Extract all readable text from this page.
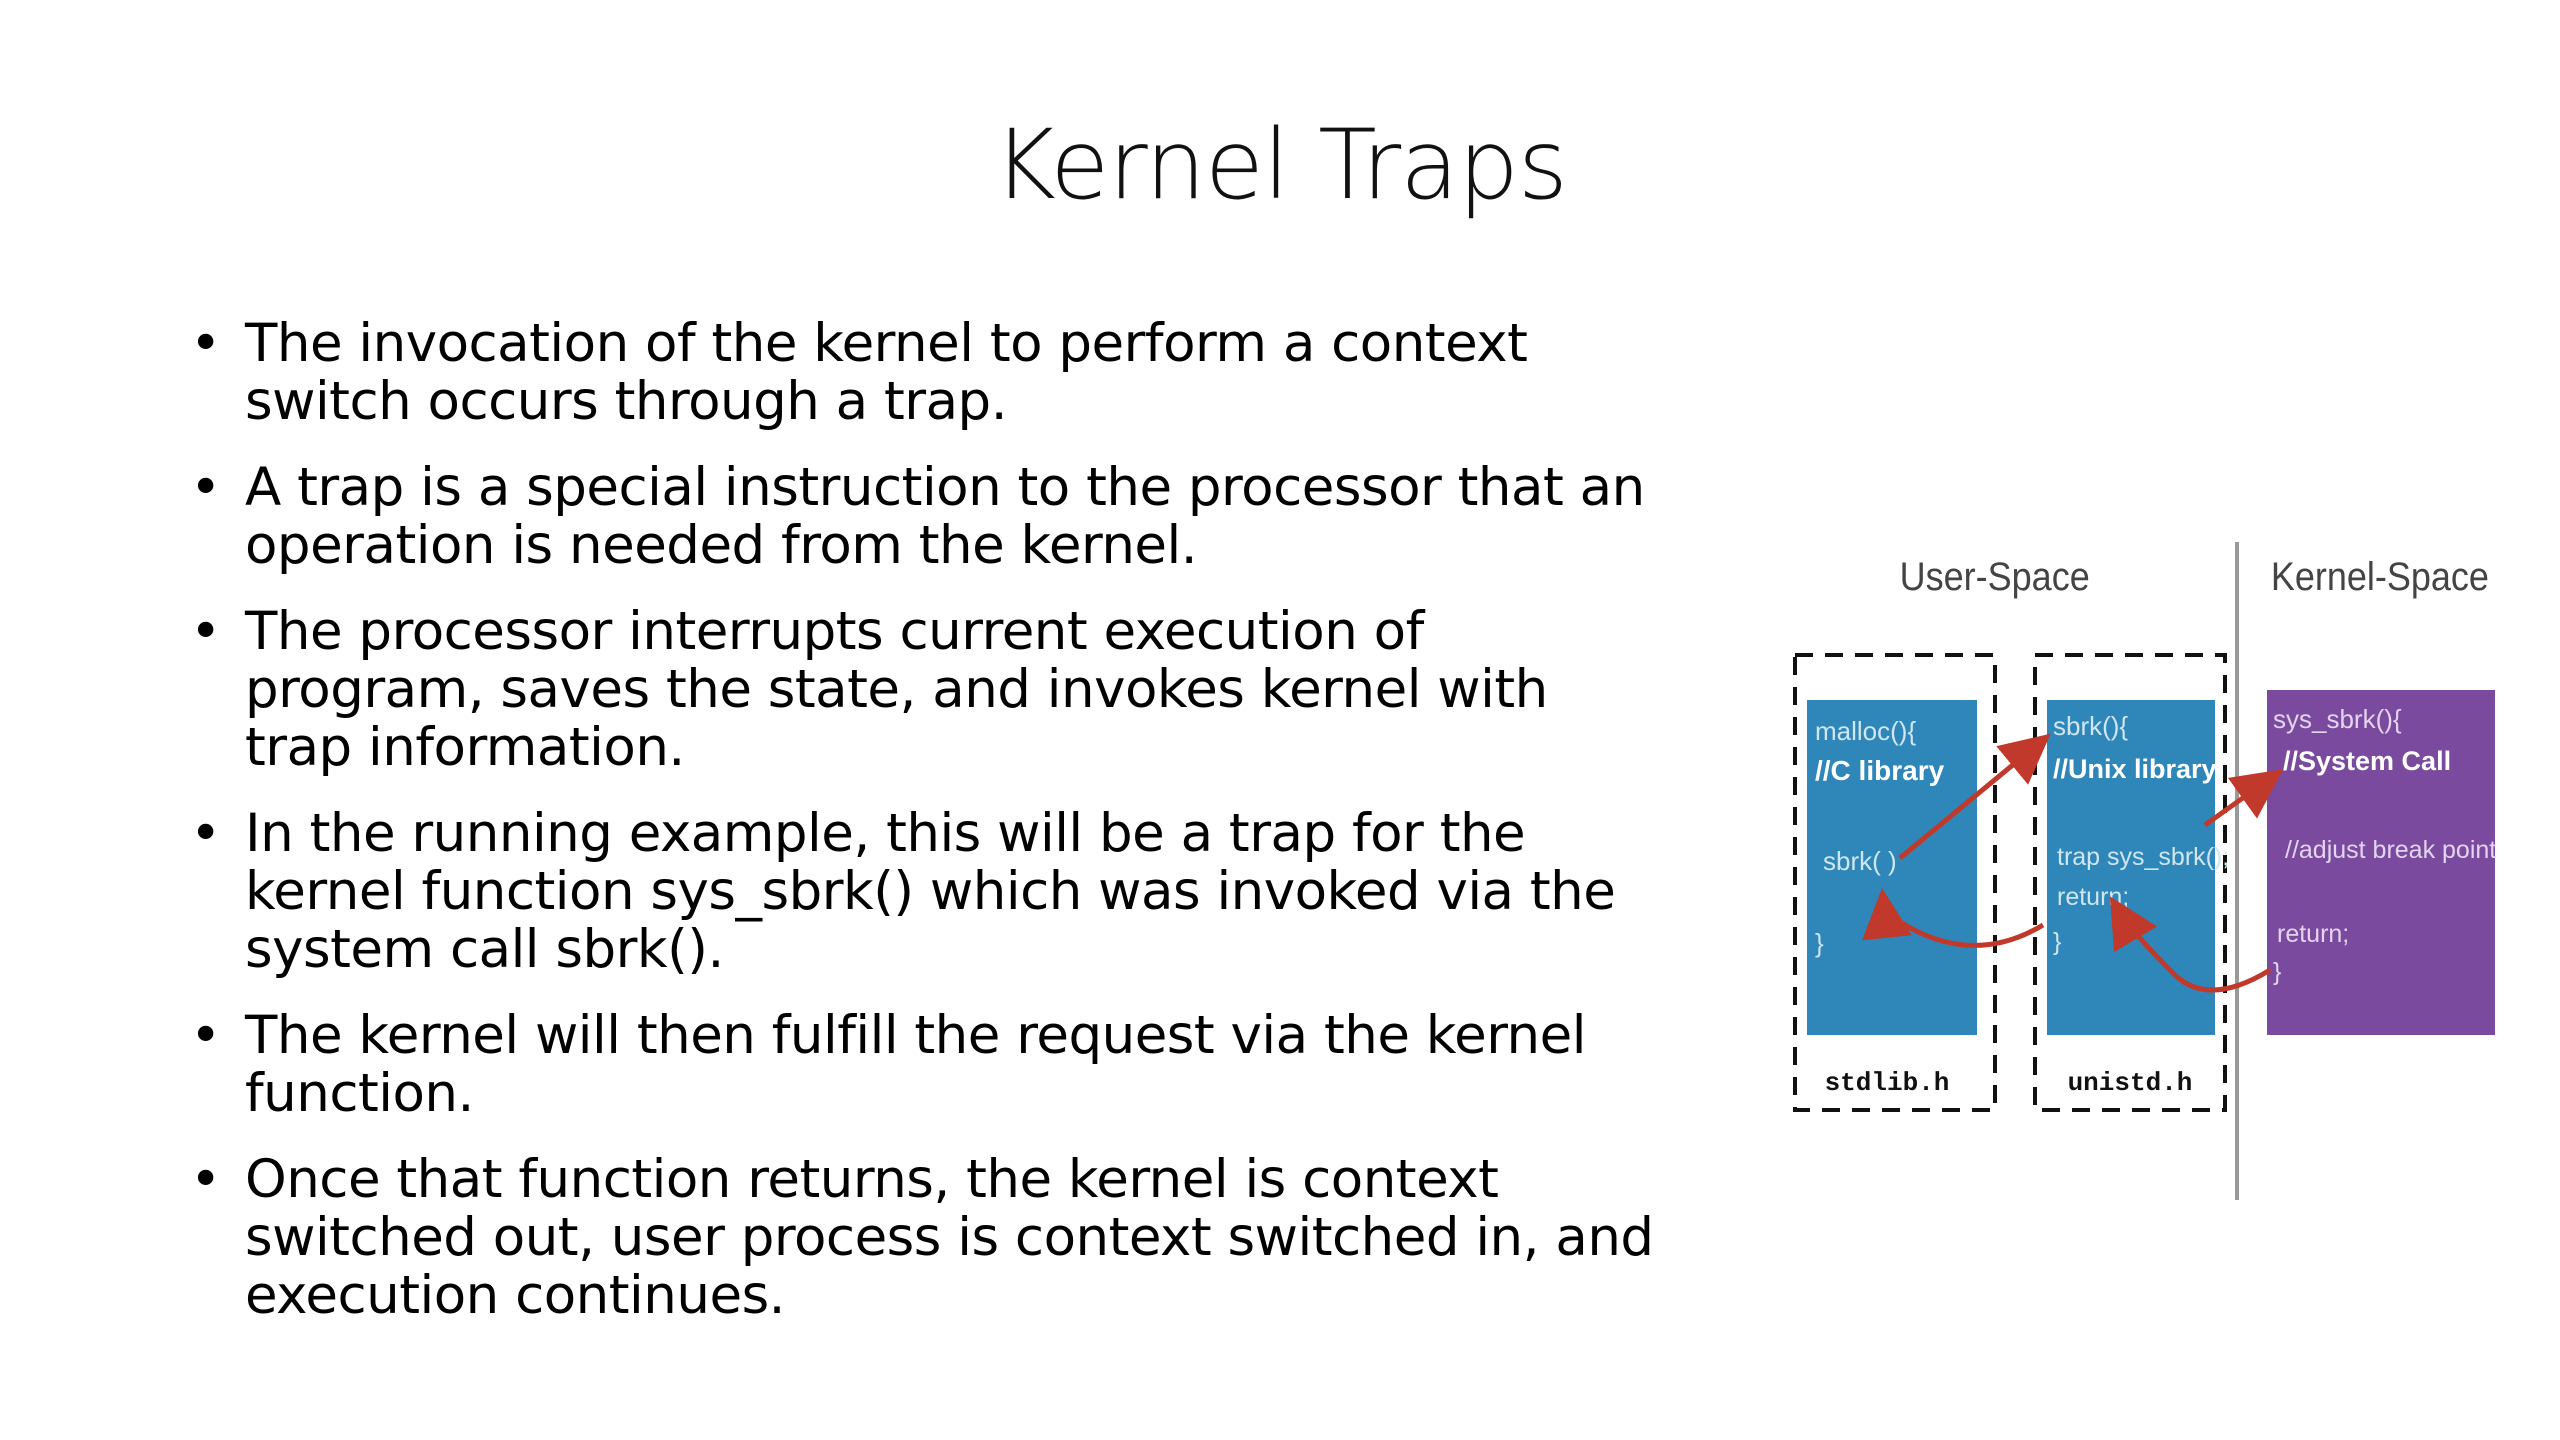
Kernel Traps
• The invocation of the kernel to perform a context switch occurs through a trap.
• A trap is a special instruction to the processor that an operation is needed from the kernel.
• The processor interrupts current execution of program, saves the state, and invokes kernel with trap information.
• In the running example, this will be a trap for the kernel function sys_sbrk() which was invoked via the system call sbrk().
• The kernel will then fulfill the request via the kernel function.
• Once that function returns, the kernel is context switched out, user process is context switched in, and execution continues.
User-Space	Kernel-Space
malloc(){
//C library
sbrk( )
}
stdlib.h
sbrk(){
//Unix library
trap sys_sbrk();
return;
}
unistd.h
sys_sbrk(){
//System Call
//adjust break point
return;
}
